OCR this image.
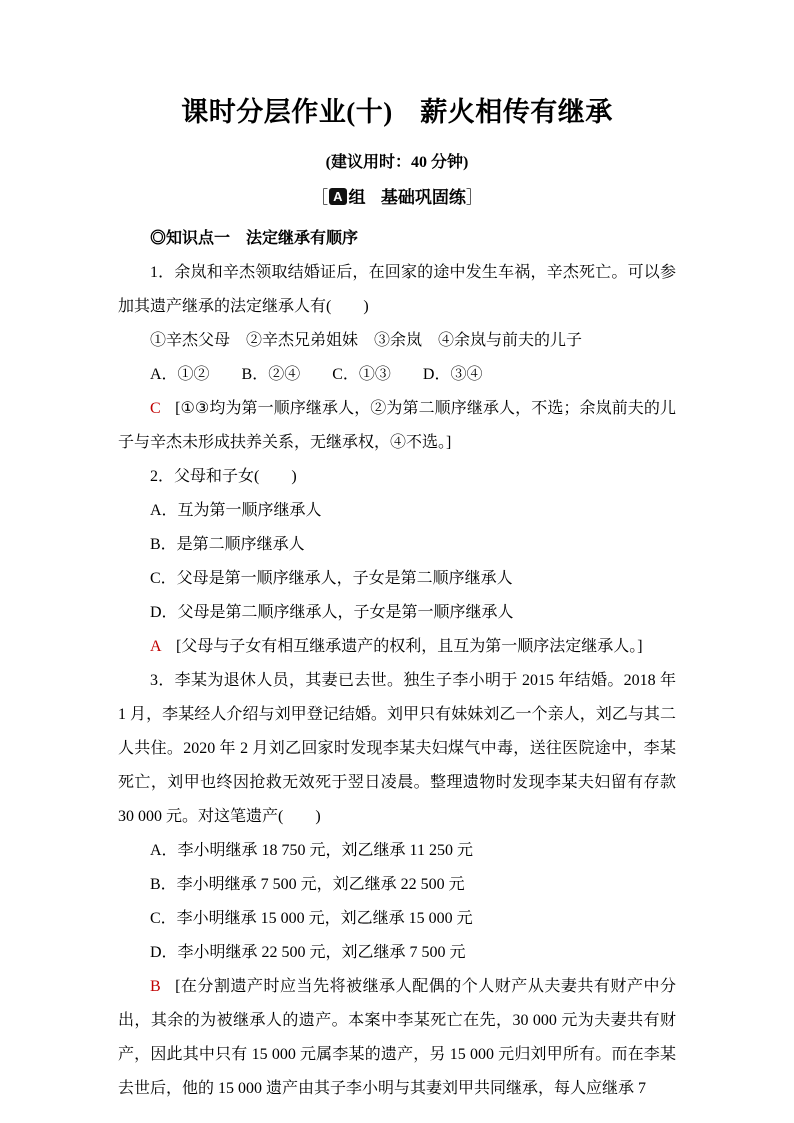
课时分层作业(十)　薪火相传有继承

(建议用时：40 分钟)

［ A 组 基础巩固练］

◎知识点一　法定继承有顺序

1．余岚和辛杰领取结婚证后，在回家的途中发生车祸，辛杰死亡。可以参加其遗产继承的法定继承人有(　　)

①辛杰父母　②辛杰兄弟姐妹　③余岚　④余岚与前夫的儿子

A．①②　　B．②④　　C．①③　　D．③④

C [①③均为第一顺序继承人，②为第二顺序继承人，不选；余岚前夫的儿子与辛杰未形成扶养关系，无继承权，④不选。]

2．父母和子女(　　)

A．互为第一顺序继承人

B．是第二顺序继承人

C．父母是第一顺序继承人，子女是第二顺序继承人

D．父母是第二顺序继承人，子女是第一顺序继承人

A [父母与子女有相互继承遗产的权利，且互为第一顺序法定继承人。]

3．李某为退休人员，其妻已去世。独生子李小明于 2015 年结婚。2018 年 1 月，李某经人介绍与刘甲登记结婚。刘甲只有妹妹刘乙一个亲人，刘乙与其二人共住。2020 年 2 月刘乙回家时发现李某夫妇煤气中毒，送往医院途中，李某死亡，刘甲也终因抢救无效死于翌日凌晨。整理遗物时发现李某夫妇留有存款 30 000 元。对这笔遗产(　　)

A．李小明继承 18 750 元，刘乙继承 11 250 元

B．李小明继承 7 500 元，刘乙继承 22 500 元

C．李小明继承 15 000 元，刘乙继承 15 000 元

D．李小明继承 22 500 元，刘乙继承 7 500 元

B [在分割遗产时应当先将被继承人配偶的个人财产从夫妻共有财产中分出，其余的为被继承人的遗产。本案中李某死亡在先，30 000 元为夫妻共有财产，因此其中只有 15 000 元属李某的遗产，另 15 000 元归刘甲所有。而在李某去世后，他的 15 000 遗产由其子李小明与其妻刘甲共同继承，每人应继承 7
